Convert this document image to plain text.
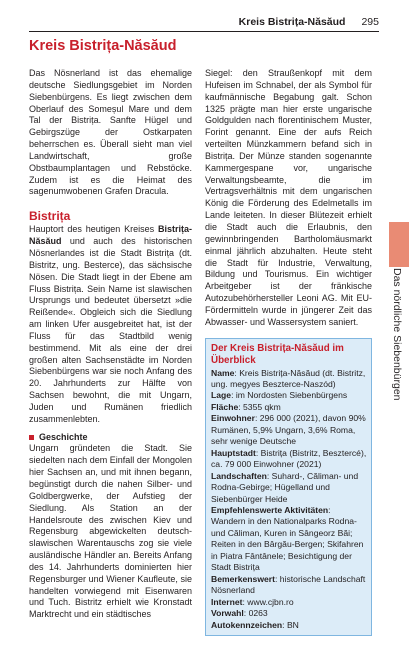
Kreis Bistrița-Năsăud 295
Kreis Bistrița-Năsăud

Das Nösnerland ist das ehemalige deutsche Siedlungsgebiet im Norden Siebenbürgens. Es liegt zwischen dem Oberlauf des Someșul Mare und dem Tal der Bistrița. Sanfte Hügel und Gebirgszüge der Ostkarpaten beherrschen es. Überall sieht man viel Landwirtschaft, große Obstbaumplantagen und Rebstöcke. Zudem ist es die Heimat des sagenumwobenen Grafen Dracula.

Bistrița

Hauptort des heutigen Kreises Bistrița-Năsăud und auch des historischen Nösnerlandes ist die Stadt Bistrița (dt. Bistritz, ung. Besterce), das sächsische Nösen. Die Stadt liegt in der Ebene am Fluss Bistrița. Sein Name ist slawischen Ursprungs und bedeutet übersetzt »die Reißende«. Obgleich sich die Siedlung am linken Ufer ausgebreitet hat, ist der Fluss für das Stadtbild wenig bestimmend. Mit als eine der drei großen alten Sachsenstädte im Norden Siebenbürgens war sie noch Anfang des 20. Jahrhunderts zur Hälfte von Sachsen bewohnt, die mit Ungarn, Juden und Rumänen friedlich zusammenlebten.

Geschichte

Ungarn gründeten die Stadt. Sie siedelten nach dem Einfall der Mongolen hier Sachsen an, und mit ihnen begann, begünstigt durch die nahen Silber- und Goldbergwerke, der Aufstieg der Siedlung. Als Station an der Handelsroute des zwischen Kiev und Regensburg abgewickelten deutsch-slawischen Warentauschs zog sie viele ausländische Händler an. Bereits Anfang des 14. Jahrhunderts dominierten hier Regensburger und Wiener Kaufleute, sie handelten vorwiegend mit Eisenwaren und Tuch. Bistritz erhielt wie Kronstadt Marktrecht und ein städtisches

Siegel: den Straußenkopf mit dem Hufeisen im Schnabel, der als Symbol für kaufmännische Begabung galt. Schon 1325 prägte man hier erste ungarische Goldgulden nach florentinischem Muster, Forint genannt. Eine der aufs Reich verteilten Münzkammern befand sich in Bistrița. Der Münze standen sogenannte Kammergespane vor, ungarische Verwaltungsbeamte, die im Vertragsverhältnis mit dem ungarischen König die Förderung des Edelmetalls im Lande leiteten. In dieser Blütezeit erhielt die Stadt auch die Erlaubnis, den gewinnbringenden Bartholomäusmarkt einmal jährlich abzuhalten. Heute steht die Stadt für Industrie, Verwaltung, Bildung und Tourismus. Ein wichtiger Arbeitgeber ist der fränkische Autozubehörhersteller Leoni AG. Mit EU-Fördermitteln wurde in jüngerer Zeit das Abwasser- und Wassersystem saniert.

Der Kreis Bistrița-Năsăud im Überblick
Name: Kreis Bistrița-Năsăud (dt. Bistritz, ung. megyes Beszterce-Naszód)
Lage: im Nordosten Siebenbürgens
Fläche: 5355 qkm
Einwohner: 296 000 (2021), davon 90% Rumänen, 5,9% Ungarn, 3,6% Roma, sehr wenige Deutsche
Hauptstadt: Bistrița (Bistritz, Besztercé), ca. 79 000 Einwohner (2021)
Landschaften: Suhard-, Căliman- und Rodna-Gebirge; Hügelland und Siebenbürger Heide
Empfehlenswerte Aktivitäten: Wandern in den Nationalparks Rodna- und Căliman, Kuren in Sângeorz Băi; Reiten in den Bârgău-Bergen; Skifahren in Piatra Fântânele; Besichtigung der Stadt Bistrița
Bemerkenswert: historische Landschaft Nösnerland
Internet: www.cjbn.ro
Vorwahl: 0263
Autokennzeichen: BN
Das nördliche Siebenbürgen
